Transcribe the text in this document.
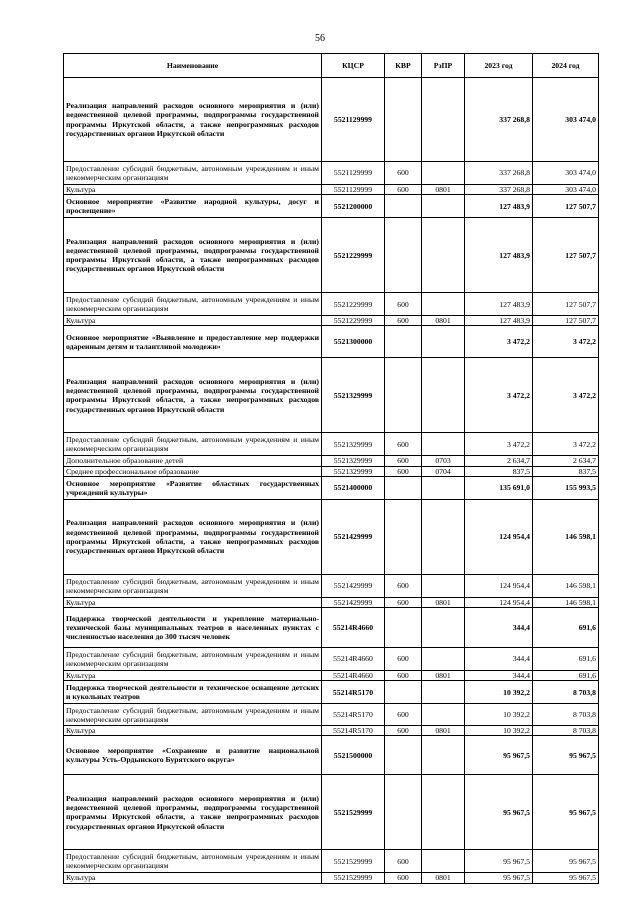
56
Наименование	КЦСР	КВР	РзПР	2023 год	2024 год
Реализация направлений расходов основного мероприятия и (или) ведомственной целевой программы, подпрограммы государственной программы Иркутской области, а также непрограммных расходов государственных органов Иркутской области	5521129999			337 268,8	303 474,0
Предоставление субсидий бюджетным, автономным учреждениям и иным некоммерческим организациям	5521129999	600		337 268,8	303 474,0
Культура	5521129999	600	0801	337 268,8	303 474,0
Основное мероприятие «Развитие народной культуры, досуг и просвещение»	5521200000			127 483,9	127 507,7
Реализация направлений расходов основного мероприятия и (или) ведомственной целевой программы, подпрограммы государственной программы Иркутской области, а также непрограммных расходов государственных органов Иркутской области	5521229999			127 483,9	127 507,7
Предоставление субсидий бюджетным, автономным учреждениям и иным некоммерческим организациям	5521229999	600		127 483,9	127 507,7
Культура	5521229999	600	0801	127 483,9	127 507,7
Основное мероприятие «Выявление и предоставление мер поддержки одаренным детям и талантливой молодежи»	5521300000			3 472,2	3 472,2
Реализация направлений расходов основного мероприятия и (или) ведомственной целевой программы, подпрограммы государственной программы Иркутской области, а также непрограммных расходов государственных органов Иркутской области	5521329999			3 472,2	3 472,2
Предоставление субсидий бюджетным, автономным учреждениям и иным некоммерческим организациям	5521329999	600		3 472,2	3 472,2
Дополнительное образование детей	5521329999	600	0703	2 634,7	2 634,7
Среднее профессиональное образование	5521329999	600	0704	837,5	837,5
Основное мероприятие «Развитие областных государственных учреждений культуры»	5521400000			135 691,0	155 993,5
Реализация направлений расходов основного мероприятия и (или) ведомственной целевой программы, подпрограммы государственной программы Иркутской области, а также непрограммных расходов государственных органов Иркутской области	5521429999			124 954,4	146 598,1
Предоставление субсидий бюджетным, автономным учреждениям и иным некоммерческим организациям	5521429999	600		124 954,4	146 598,1
Культура	5521429999	600	0801	124 954,4	146 598,1
Поддержка творческой деятельности и укрепление материально-технической базы муниципальных театров в населенных пунктах с численностью населения до 300 тысяч человек	55214R4660			344,4	691,6
Предоставление субсидий бюджетным, автономным учреждениям и иным некоммерческим организациям	55214R4660	600		344,4	691,6
Культура	55214R4660	600	0801	344,4	691,6
Поддержка творческой деятельности и техническое оснащение детских и кукольных театров	55214R5170			10 392,2	8 703,8
Предоставление субсидий бюджетным, автономным учреждениям и иным некоммерческим организациям	55214R5170	600		10 392,2	8 703,8
Культура	55214R5170	600	0801	10 392,2	8 703,8
Основное мероприятие «Сохранение и развитие национальной культуры Усть-Ордынского Бурятского округа»	5521500000			95 967,5	95 967,5
Реализация направлений расходов основного мероприятия и (или) ведомственной целевой программы, подпрограммы государственной программы Иркутской области, а также непрограммных расходов государственных органов Иркутской области	5521529999			95 967,5	95 967,5
Предоставление субсидий бюджетным, автономным учреждениям и иным некоммерческим организациям	5521529999	600		95 967,5	95 967,5
Культура	5521529999	600	0801	95 967,5	95 967,5
